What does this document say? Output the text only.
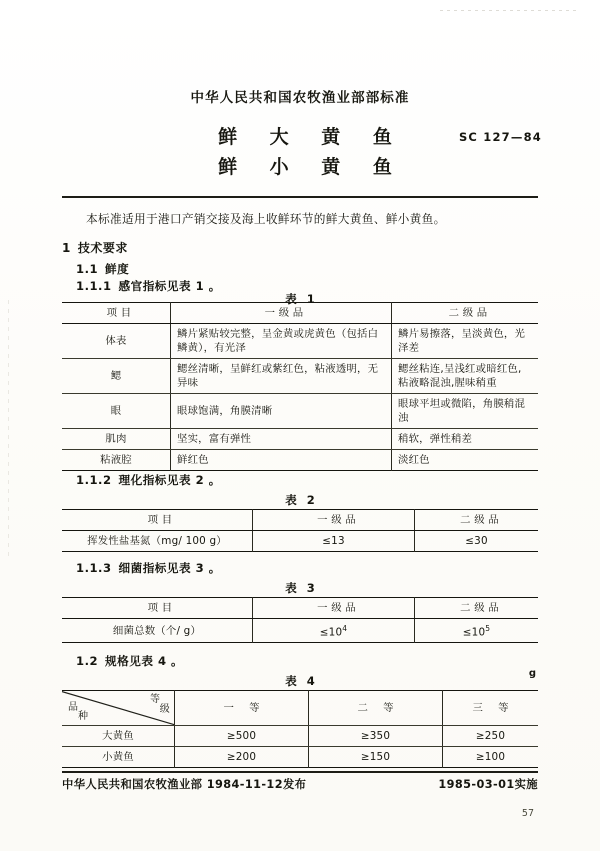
中华人民共和国农牧渔业部部标准
鲜 大 黄 鱼
鲜 小 黄 鱼
SC 127—84
本标准适用于港口产销交接及海上收鲜环节的鲜大黄鱼、鲜小黄鱼。
1 技术要求
1.1 鲜度
1.1.1 感官指标见表 1 。
表 1
项 目	一 级 品	二 级 品
体表	鳞片紧贴较完整，呈金黄或虎黄色（包括白鳞黄），有光泽	鳞片易擦落，呈淡黄色，光泽差
鳃	鳃丝清晰，呈鲜红或紫红色，粘液透明，无异味	鳃丝粘连,呈浅红或暗红色,粘液略混浊,腥味稍重
眼	眼球饱满，角膜清晰	眼球平坦或微陷，角膜稍混浊
肌肉	坚实，富有弹性	稍软，弹性稍差
粘液腔	鲜红色	淡红色
1.1.2 理化指标见表 2 。
表 2
项 目	一 级 品	二 级 品
挥发性盐基氮（mg/ 100 g）	≤13	≤30
1.1.3 细菌指标见表 3 。
表 3
项 目	一 级 品	二 级 品
细菌总数（个/ g）	$\le 10^4$	$\le 10^5$
1.2 规格见表 4 。
表 4
g
等
级
品
种	一 等	二 等	三 等
大黄鱼	≥500	≥350	≥250
小黄鱼	≥200	≥150	≥100
中华人民共和国农牧渔业部 1984-11-12发布	1985-03-01实施
57
